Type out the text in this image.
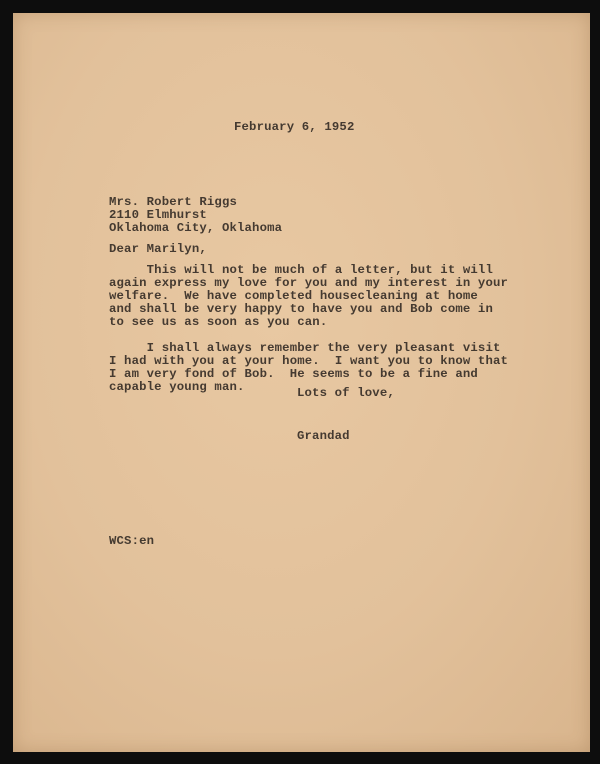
February 6, 1952
Mrs. Robert Riggs
2110 Elmhurst
Oklahoma City, Oklahoma
Dear Marilyn,
This will not be much of a letter, but it will
again express my love for you and my interest in your
welfare.  We have completed housecleaning at home
and shall be very happy to have you and Bob come in
to see us as soon as you can.
I shall always remember the very pleasant visit
I had with you at your home.  I want you to know that
I am very fond of Bob.  He seems to be a fine and
capable young man.	Lots of love,
Grandad
WCS:en
